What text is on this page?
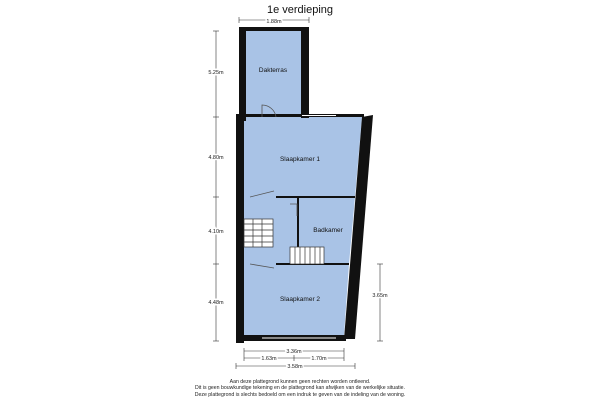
1e verdieping
Dakterras
Slaapkamer 1
Badkamer
Slaapkamer 2
1.88m
5.25m
4.80m
4.10m
4.48m
3.65m
3.36m
1.63m	1.70m
3.58m
Aan deze plattegrond kunnen geen rechten worden ontleend.
Dit is geen bouwkundige tekening en de plattegrond kan afwijken van de werkelijke situatie.
Deze plattegrond is slechts bedoeld om een indruk te geven van de indeling van de woning.
